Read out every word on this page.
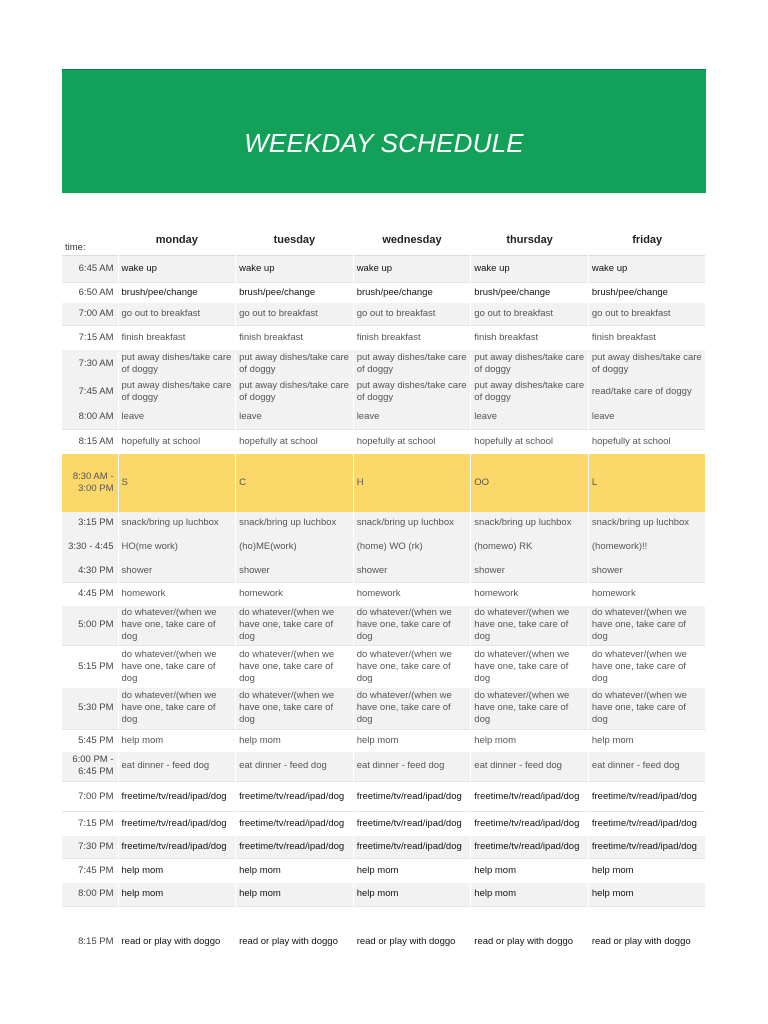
WEEKDAY SCHEDULE
time:	monday	tuesday	wednesday	thursday	friday
6:45 AM	wake up	wake up	wake up	wake up	wake up
6:50 AM	brush/pee/change	brush/pee/change	brush/pee/change	brush/pee/change	brush/pee/change
7:00 AM	go out to breakfast	go out to breakfast	go out to breakfast	go out to breakfast	go out to breakfast
7:15 AM	finish breakfast	finish breakfast	finish breakfast	finish breakfast	finish breakfast
7:30 AM	put away dishes/take care of doggy	put away dishes/take care of doggy	put away dishes/take care of doggy	put away dishes/take care of doggy	put away dishes/take care of doggy
7:45 AM	put away dishes/take care of doggy	put away dishes/take care of doggy	put away dishes/take care of doggy	put away dishes/take care of doggy	read/take care of doggy
8:00 AM	leave	leave	leave	leave	leave
8:15 AM	hopefully at school	hopefully at school	hopefully at school	hopefully at school	hopefully at school
8:30 AM - 3:00 PM	S	C	H	OO	L
3:15 PM	snack/bring up luchbox	snack/bring up luchbox	snack/bring up luchbox	snack/bring up luchbox	snack/bring up luchbox
3:30 - 4:45	HO(me work)	(ho)ME(work)	(home) WO (rk)	(homewo) RK	(homework)!!
4:30 PM	shower	shower	shower	shower	shower
4:45 PM	homework	homework	homework	homework	homework
5:00 PM	do whatever/(when we have one, take care of dog	do whatever/(when we have one, take care of dog	do whatever/(when we have one, take care of dog	do whatever/(when we have one, take care of dog	do whatever/(when we have one, take care of dog
5:15 PM	do whatever/(when we have one, take care of dog	do whatever/(when we have one, take care of dog	do whatever/(when we have one, take care of dog	do whatever/(when we have one, take care of dog	do whatever/(when we have one, take care of dog
5:30 PM	do whatever/(when we have one, take care of dog	do whatever/(when we have one, take care of dog	do whatever/(when we have one, take care of dog	do whatever/(when we have one, take care of dog	do whatever/(when we have one, take care of dog
5:45 PM	help mom	help mom	help mom	help mom	help mom
6:00 PM - 6:45 PM	eat dinner - feed dog	eat dinner - feed dog	eat dinner - feed dog	eat dinner - feed dog	eat dinner - feed dog
7:00 PM	freetime/tv/read/ipad/dog	freetime/tv/read/ipad/dog	freetime/tv/read/ipad/dog	freetime/tv/read/ipad/dog	freetime/tv/read/ipad/dog
7:15 PM	freetime/tv/read/ipad/dog	freetime/tv/read/ipad/dog	freetime/tv/read/ipad/dog	freetime/tv/read/ipad/dog	freetime/tv/read/ipad/dog
7:30 PM	freetime/tv/read/ipad/dog	freetime/tv/read/ipad/dog	freetime/tv/read/ipad/dog	freetime/tv/read/ipad/dog	freetime/tv/read/ipad/dog
7:45 PM	help mom	help mom	help mom	help mom	help mom
8:00 PM	help mom	help mom	help mom	help mom	help mom
8:15 PM	read or play with doggo	read or play with doggo	read or play with doggo	read or play with doggo	read or play with doggo
